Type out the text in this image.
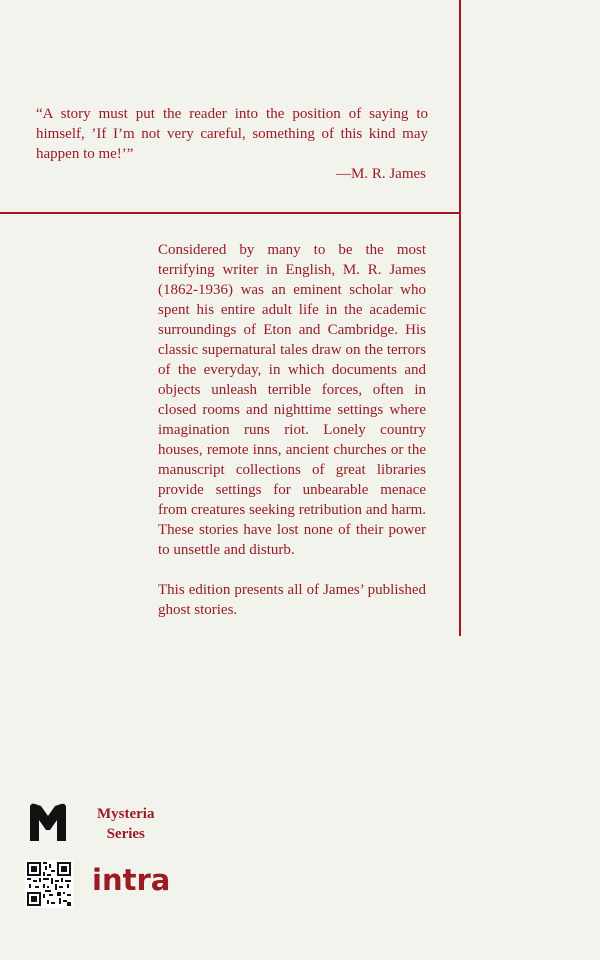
“A story must put the reader into the position of saying to himself, ’If I’m not very careful, something of this kind may happen to me!’”
—M. R. James

Considered by many to be the most terrifying writer in English, M. R. James (1862-1936) was an eminent scholar who spent his entire adult life in the academic surroundings of Eton and Cambridge. His classic supernatural tales draw on the terrors of the everyday, in which documents and objects unleash terrible forces, often in closed rooms and nighttime settings where imagination runs riot. Lonely country houses, remote inns, ancient churches or the manuscript collections of great libraries provide settings for unbearable menace from creatures seeking retribution and harm. These stories have lost none of their power to unsettle and disturb.

This edition presents all of James’ published ghost stories.

Mysteria
Series
intra
